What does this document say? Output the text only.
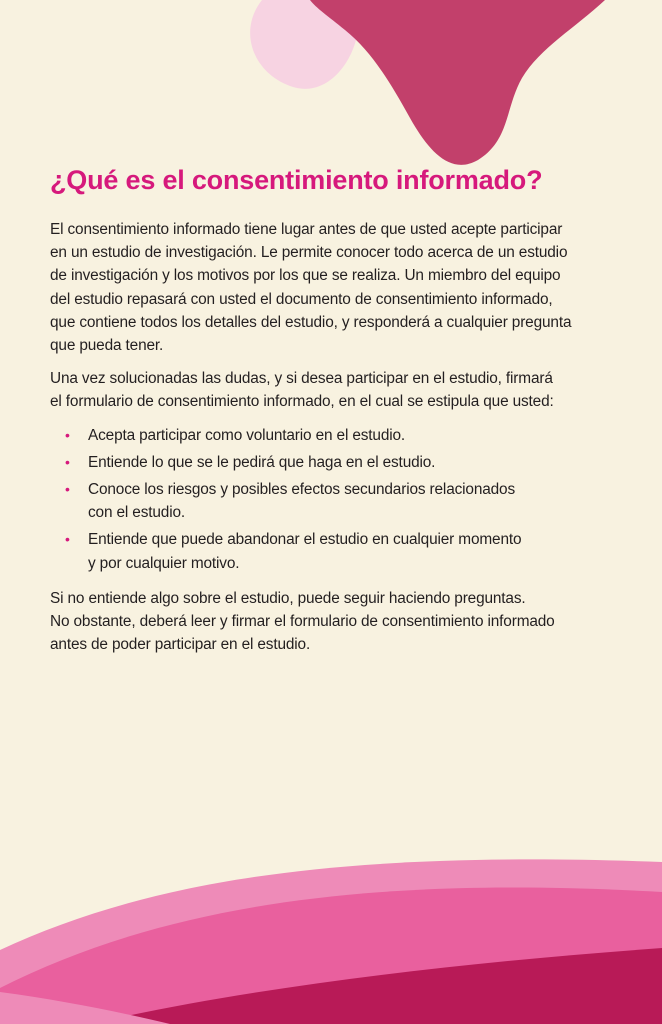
¿Qué es el consentimiento informado?
El consentimiento informado tiene lugar antes de que usted acepte participar
en un estudio de investigación. Le permite conocer todo acerca de un estudio
de investigación y los motivos por los que se realiza. Un miembro del equipo
del estudio repasará con usted el documento de consentimiento informado,
que contiene todos los detalles del estudio, y responderá a cualquier pregunta
que pueda tener.
Una vez solucionadas las dudas, y si desea participar en el estudio, firmará
el formulario de consentimiento informado, en el cual se estipula que usted:
• Acepta participar como voluntario en el estudio.
• Entiende lo que se le pedirá que haga en el estudio.
• Conoce los riesgos y posibles efectos secundarios relacionados
con el estudio.
• Entiende que puede abandonar el estudio en cualquier momento
y por cualquier motivo.
Si no entiende algo sobre el estudio, puede seguir haciendo preguntas.
No obstante, deberá leer y firmar el formulario de consentimiento informado
antes de poder participar en el estudio.
